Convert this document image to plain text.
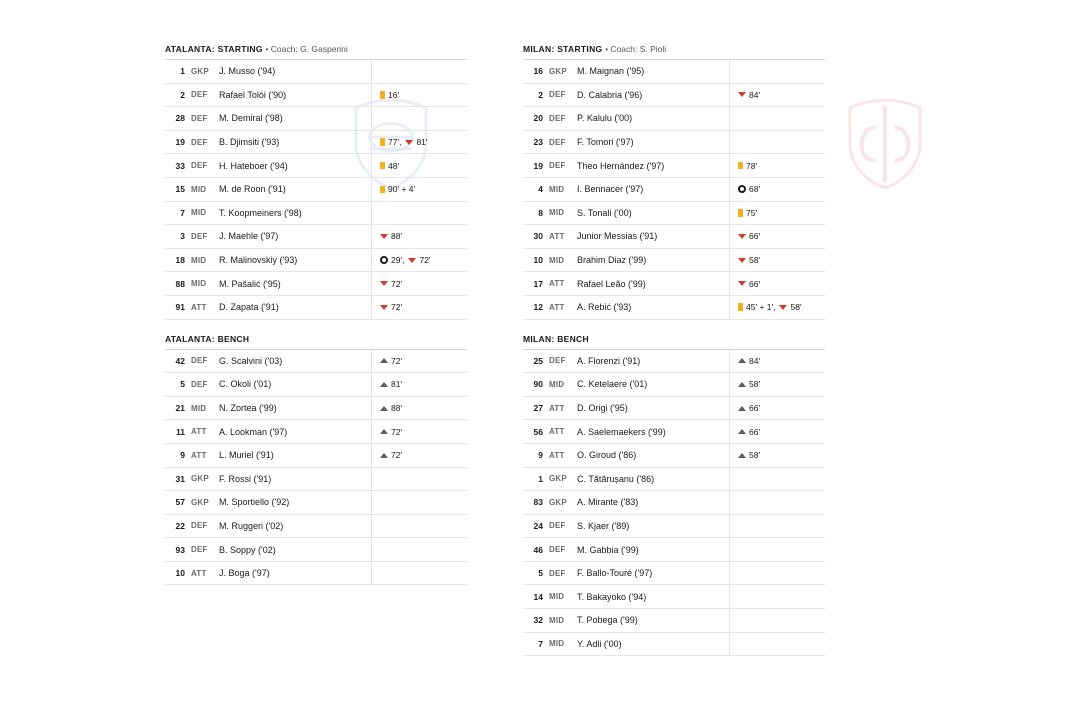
ATALANTA: STARTING • Coach: G. Gasperini
1 GKP	J. Musso ('94)
2 DEF	Rafael Tolói ('90)	16'
28 DEF	M. Demiral ('98)
19 DEF	B. Djimsiti ('93)	77', 81'
33 DEF	H. Hateboer ('94)	48'
15 MID	M. de Roon ('91)	90' + 4'
7 MID	T. Koopmeiners ('98)
3 DEF	J. Maehle ('97)	88'
18 MID	R. Malinovskiy ('93)	29', 72'
88 MID	M. Pašalić ('95)	72'
91 ATT	D. Zapata ('91)	72'
ATALANTA: BENCH
42 DEF	G. Scalvini ('03)	72'
5 DEF	C. Okoli ('01)	81'
21 MID	N. Zortea ('99)	88'
11 ATT	A. Lookman ('97)	72'
9 ATT	L. Muriel ('91)	72'
31 GKP	F. Rossi ('91)
57 GKP	M. Sportiello ('92)
22 DEF	M. Ruggeri ('02)
93 DEF	B. Soppy ('02)
10 ATT	J. Boga ('97)
MILAN: STARTING • Coach: S. Pioli
16 GKP	M. Maignan ('95)
2 DEF	D. Calabria ('96)	84'
20 DEF	P. Kalulu ('00)
23 DEF	F. Tomori ('97)
19 DEF	Theo Hernández ('97)	78'
4 MID	I. Bennacer ('97)	68'
8 MID	S. Tonali ('00)	75'
30 ATT	Junior Messias ('91)	66'
10 MID	Brahim Diaz ('99)	58'
17 ATT	Rafael Leão ('99)	66'
12 ATT	A. Rebić ('93)	45' + 1', 58'
MILAN: BENCH
25 DEF	A. Florenzi ('91)	84'
90 MID	C. Ketelaere ('01)	58'
27 ATT	D. Origi ('95)	66'
56 ATT	A. Saelemaekers ('99)	66'
9 ATT	O. Giroud ('86)	58'
1 GKP	C. Tătărușanu ('86)
83 GKP	A. Mirante ('83)
24 DEF	S. Kjaer ('89)
46 DEF	M. Gabbia ('99)
5 DEF	F. Ballo-Touré ('97)
14 MID	T. Bakayoko ('94)
32 MID	T. Pobega ('99)
7 MID	Y. Adli ('00)
